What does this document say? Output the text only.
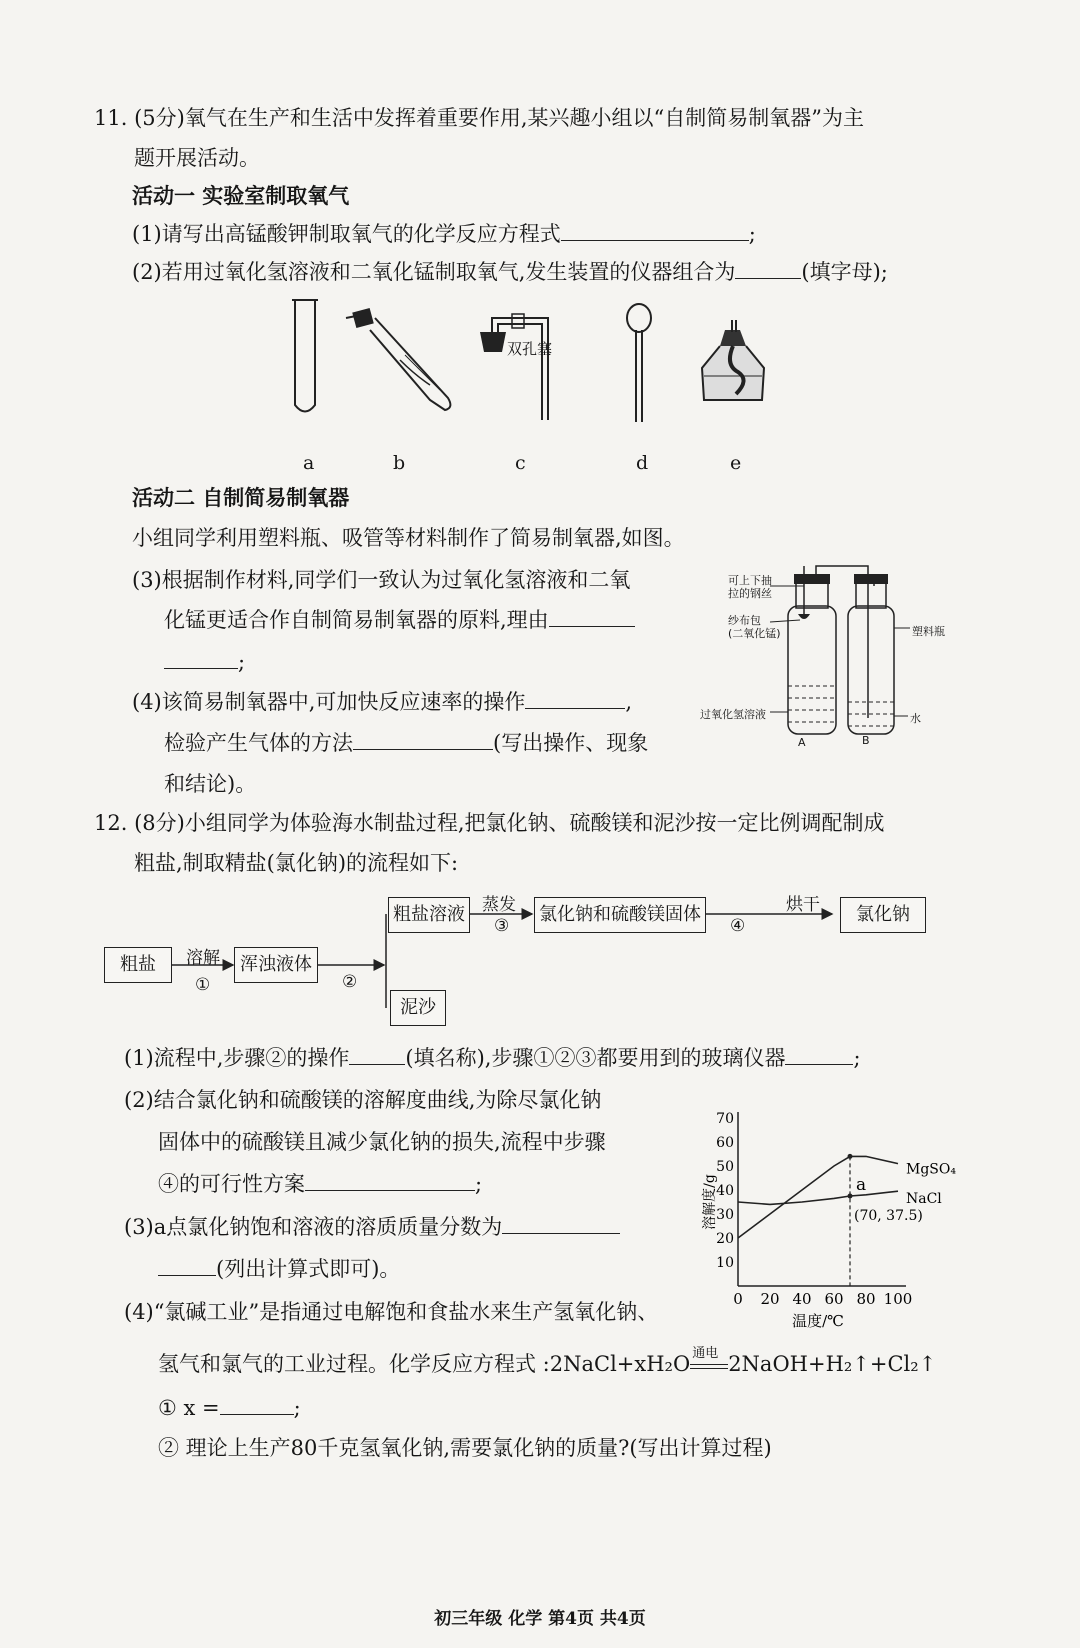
11. (5分)氧气在生产和生活中发挥着重要作用,某兴趣小组以“自制简易制氧器”为主
题开展活动。
活动一 实验室制取氧气
(1)请写出高锰酸钾制取氧气的化学反应方程式	;
(2)若用过氧化氢溶液和二氧化锰制取氧气,发生装置的仪器组合为	(填字母);
双孔塞
a	b	c	d	e
活动二 自制简易制氧器
小组同学利用塑料瓶、吸管等材料制作了简易制氧器,如图。
(3)根据制作材料,同学们一致认为过氧化氢溶液和二氧
化锰更适合作自制简易制氧器的原料,理由
;
(4)该简易制氧器中,可加快反应速率的操作	,
检验产生气体的方法	(写出操作、现象
和结论)。
可上下抽
拉的钢丝
纱布包
(二氧化锰)	塑料瓶
过氧化氢溶液	水
A	B
12. (8分)小组同学为体验海水制盐过程,把氯化钠、硫酸镁和泥沙按一定比例调配制成
粗盐,制取精盐(氯化钠)的流程如下:
粗盐	溶解
①
浑浊液体
②
粗盐溶液 蒸发
③
氯化钠和硫酸镁固体
④
烘干	氯化钠
泥沙
(1)流程中,步骤②的操作	(填名称),步骤①②③都要用到的玻璃仪器	;
(2)结合氯化钠和硫酸镁的溶解度曲线,为除尽氯化钠
固体中的硫酸镁且减少氯化钠的损失,流程中步骤
④的可行性方案	;
(3)a点氯化钠饱和溶液的溶质质量分数为
(列出计算式即可)。
0 20 40 60 80 100
10
20
30
40
50
60
70
温度/℃
溶解度/g	a
(70, 37.5)
MgSO₄
NaCl
(4)“氯碱工业”是指通过电解饱和食盐水来生产氢氧化钠、
氢气和氯气的工业过程。化学反应方程式 :2NaCl+xH₂O 通电 2NaOH+H₂↑+Cl₂↑
① x =	;
② 理论上生产80千克氢氧化钠,需要氯化钠的质量?(写出计算过程)
初三年级 化学 第4页 共4页
